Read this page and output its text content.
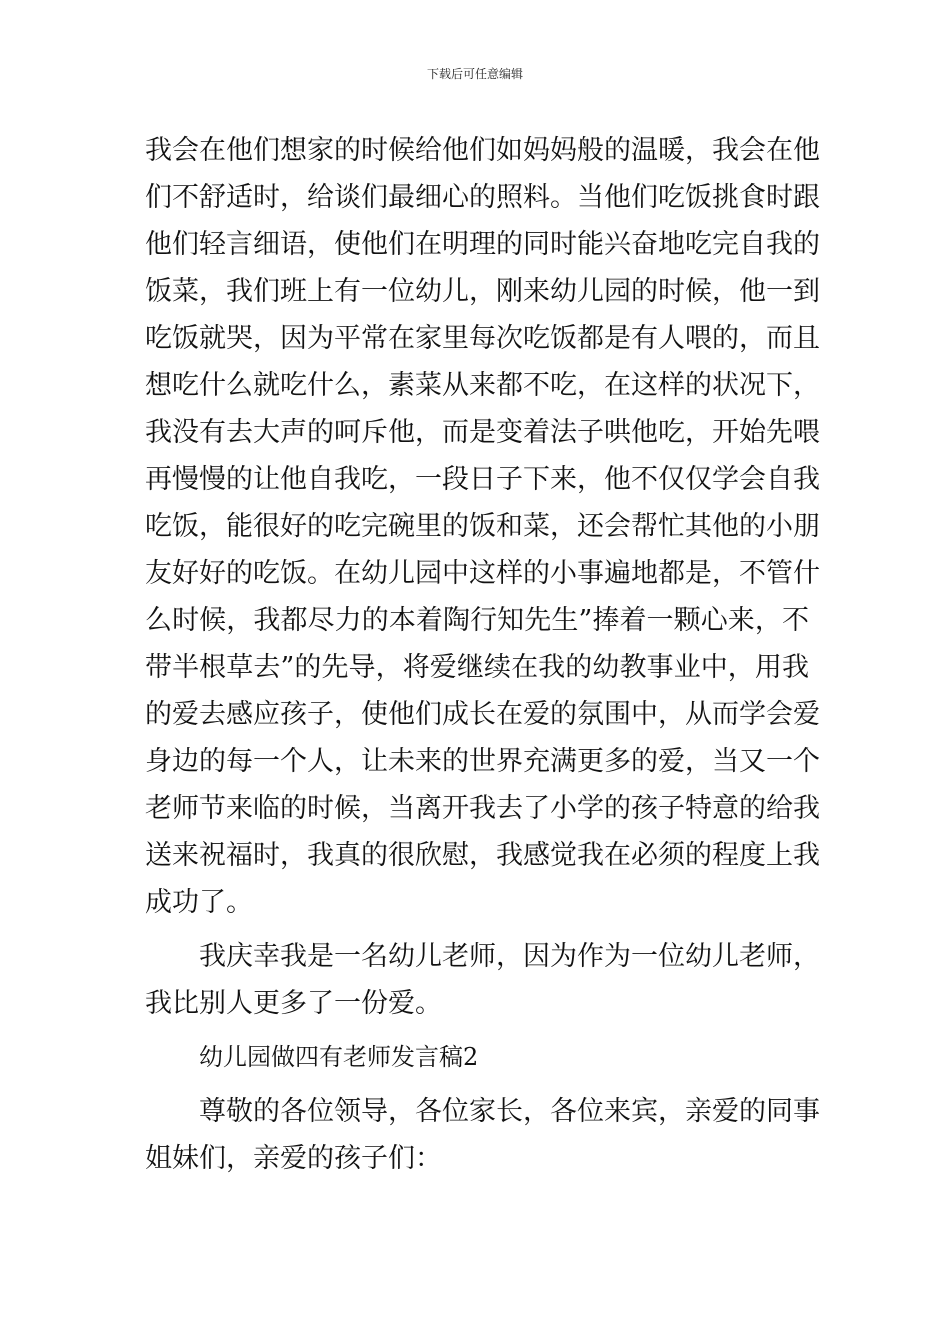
下载后可任意编辑
我会在他们想家的时候给他们如妈妈般的温暖，我会在他
们不舒适时，给谈们最细心的照料。当他们吃饭挑食时跟
他们轻言细语，使他们在明理的同时能兴奋地吃完自我的
饭菜，我们班上有一位幼儿，刚来幼儿园的时候，他一到
吃饭就哭，因为平常在家里每次吃饭都是有人喂的，而且
想吃什么就吃什么，素菜从来都不吃，在这样的状况下，
我没有去大声的呵斥他，而是变着法子哄他吃，开始先喂
再慢慢的让他自我吃，一段日子下来，他不仅仅学会自我
吃饭，能很好的吃完碗里的饭和菜，还会帮忙其他的小朋
友好好的吃饭。在幼儿园中这样的小事遍地都是，不管什
么时候，我都尽力的本着陶行知先生”捧着一颗心来，不
带半根草去”的先导，将爱继续在我的幼教事业中，用我
的爱去感应孩子，使他们成长在爱的氛围中，从而学会爱
身边的每一个人，让未来的世界充满更多的爱，当又一个
老师节来临的时候，当离开我去了小学的孩子特意的给我
送来祝福时，我真的很欣慰，我感觉我在必须的程度上我
成功了。
我庆幸我是一名幼儿老师，因为作为一位幼儿老师，
我比别人更多了一份爱。
幼儿园做四有老师发言稿2
尊敬的各位领导，各位家长，各位来宾，亲爱的同事
姐妹们，亲爱的孩子们：
